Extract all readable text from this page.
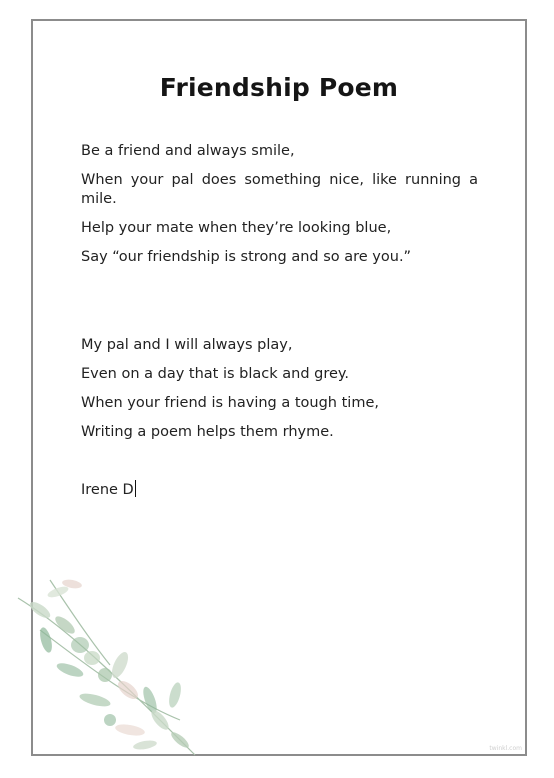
Friendship Poem
Be a friend and always smile,
When your pal does something nice, like running a mile.
Help your mate when they’re looking blue,
Say “our friendship is strong and so are you.”
My pal and I will always play,
Even on a day that is black and grey.
When your friend is having a tough time,
Writing a poem helps them rhyme.
Irene D
twinkl.com
